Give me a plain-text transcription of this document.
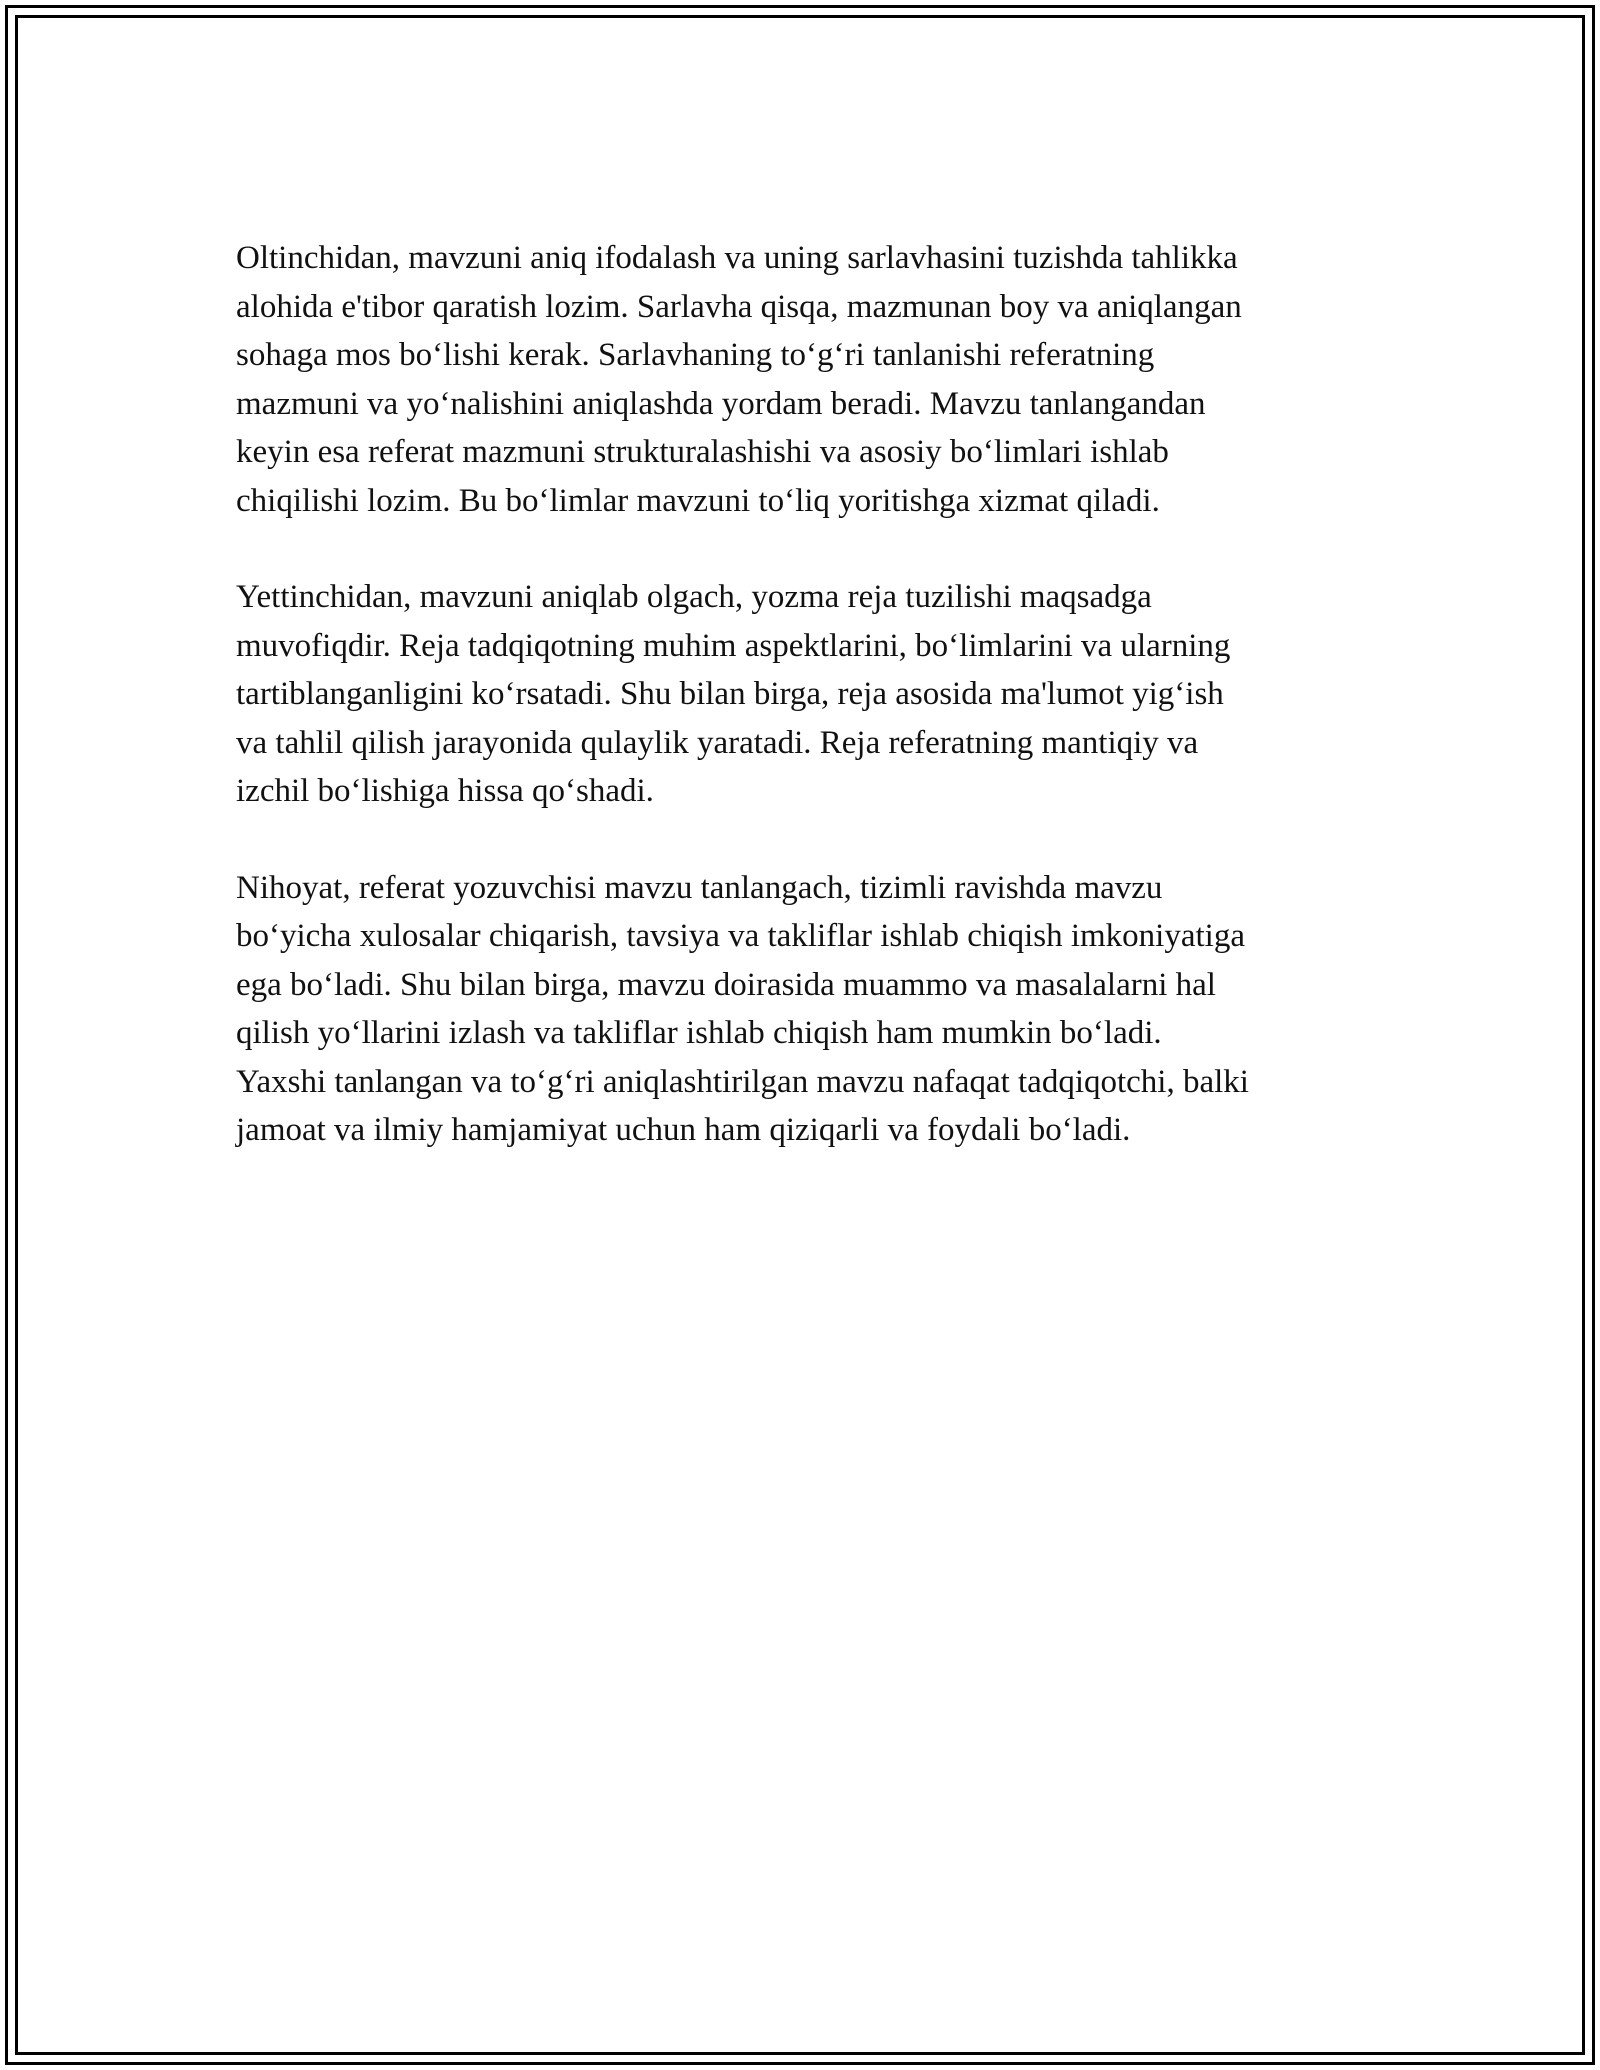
Oltinchidan, mavzuni aniq ifodalash va uning sarlavhasini tuzishda tahlikka
alohida e'tibor qaratish lozim. Sarlavha qisqa, mazmunan boy va aniqlangan
sohaga mos bo‘lishi kerak. Sarlavhaning to‘g‘ri tanlanishi referatning
mazmuni va yo‘nalishini aniqlashda yordam beradi. Mavzu tanlangandan
keyin esa referat mazmuni strukturalashishi va asosiy bo‘limlari ishlab
chiqilishi lozim. Bu bo‘limlar mavzuni to‘liq yoritishga xizmat qiladi.

Yettinchidan, mavzuni aniqlab olgach, yozma reja tuzilishi maqsadga
muvofiqdir. Reja tadqiqotning muhim aspektlarini, bo‘limlarini va ularning
tartiblanganligini ko‘rsatadi. Shu bilan birga, reja asosida ma'lumot yig‘ish
va tahlil qilish jarayonida qulaylik yaratadi. Reja referatning mantiqiy va
izchil bo‘lishiga hissa qo‘shadi.

Nihoyat, referat yozuvchisi mavzu tanlangach, tizimli ravishda mavzu
bo‘yicha xulosalar chiqarish, tavsiya va takliflar ishlab chiqish imkoniyatiga
ega bo‘ladi. Shu bilan birga, mavzu doirasida muammo va masalalarni hal
qilish yo‘llarini izlash va takliflar ishlab chiqish ham mumkin bo‘ladi.
Yaxshi tanlangan va to‘g‘ri aniqlashtirilgan mavzu nafaqat tadqiqotchi, balki
jamoat va ilmiy hamjamiyat uchun ham qiziqarli va foydali bo‘ladi.
